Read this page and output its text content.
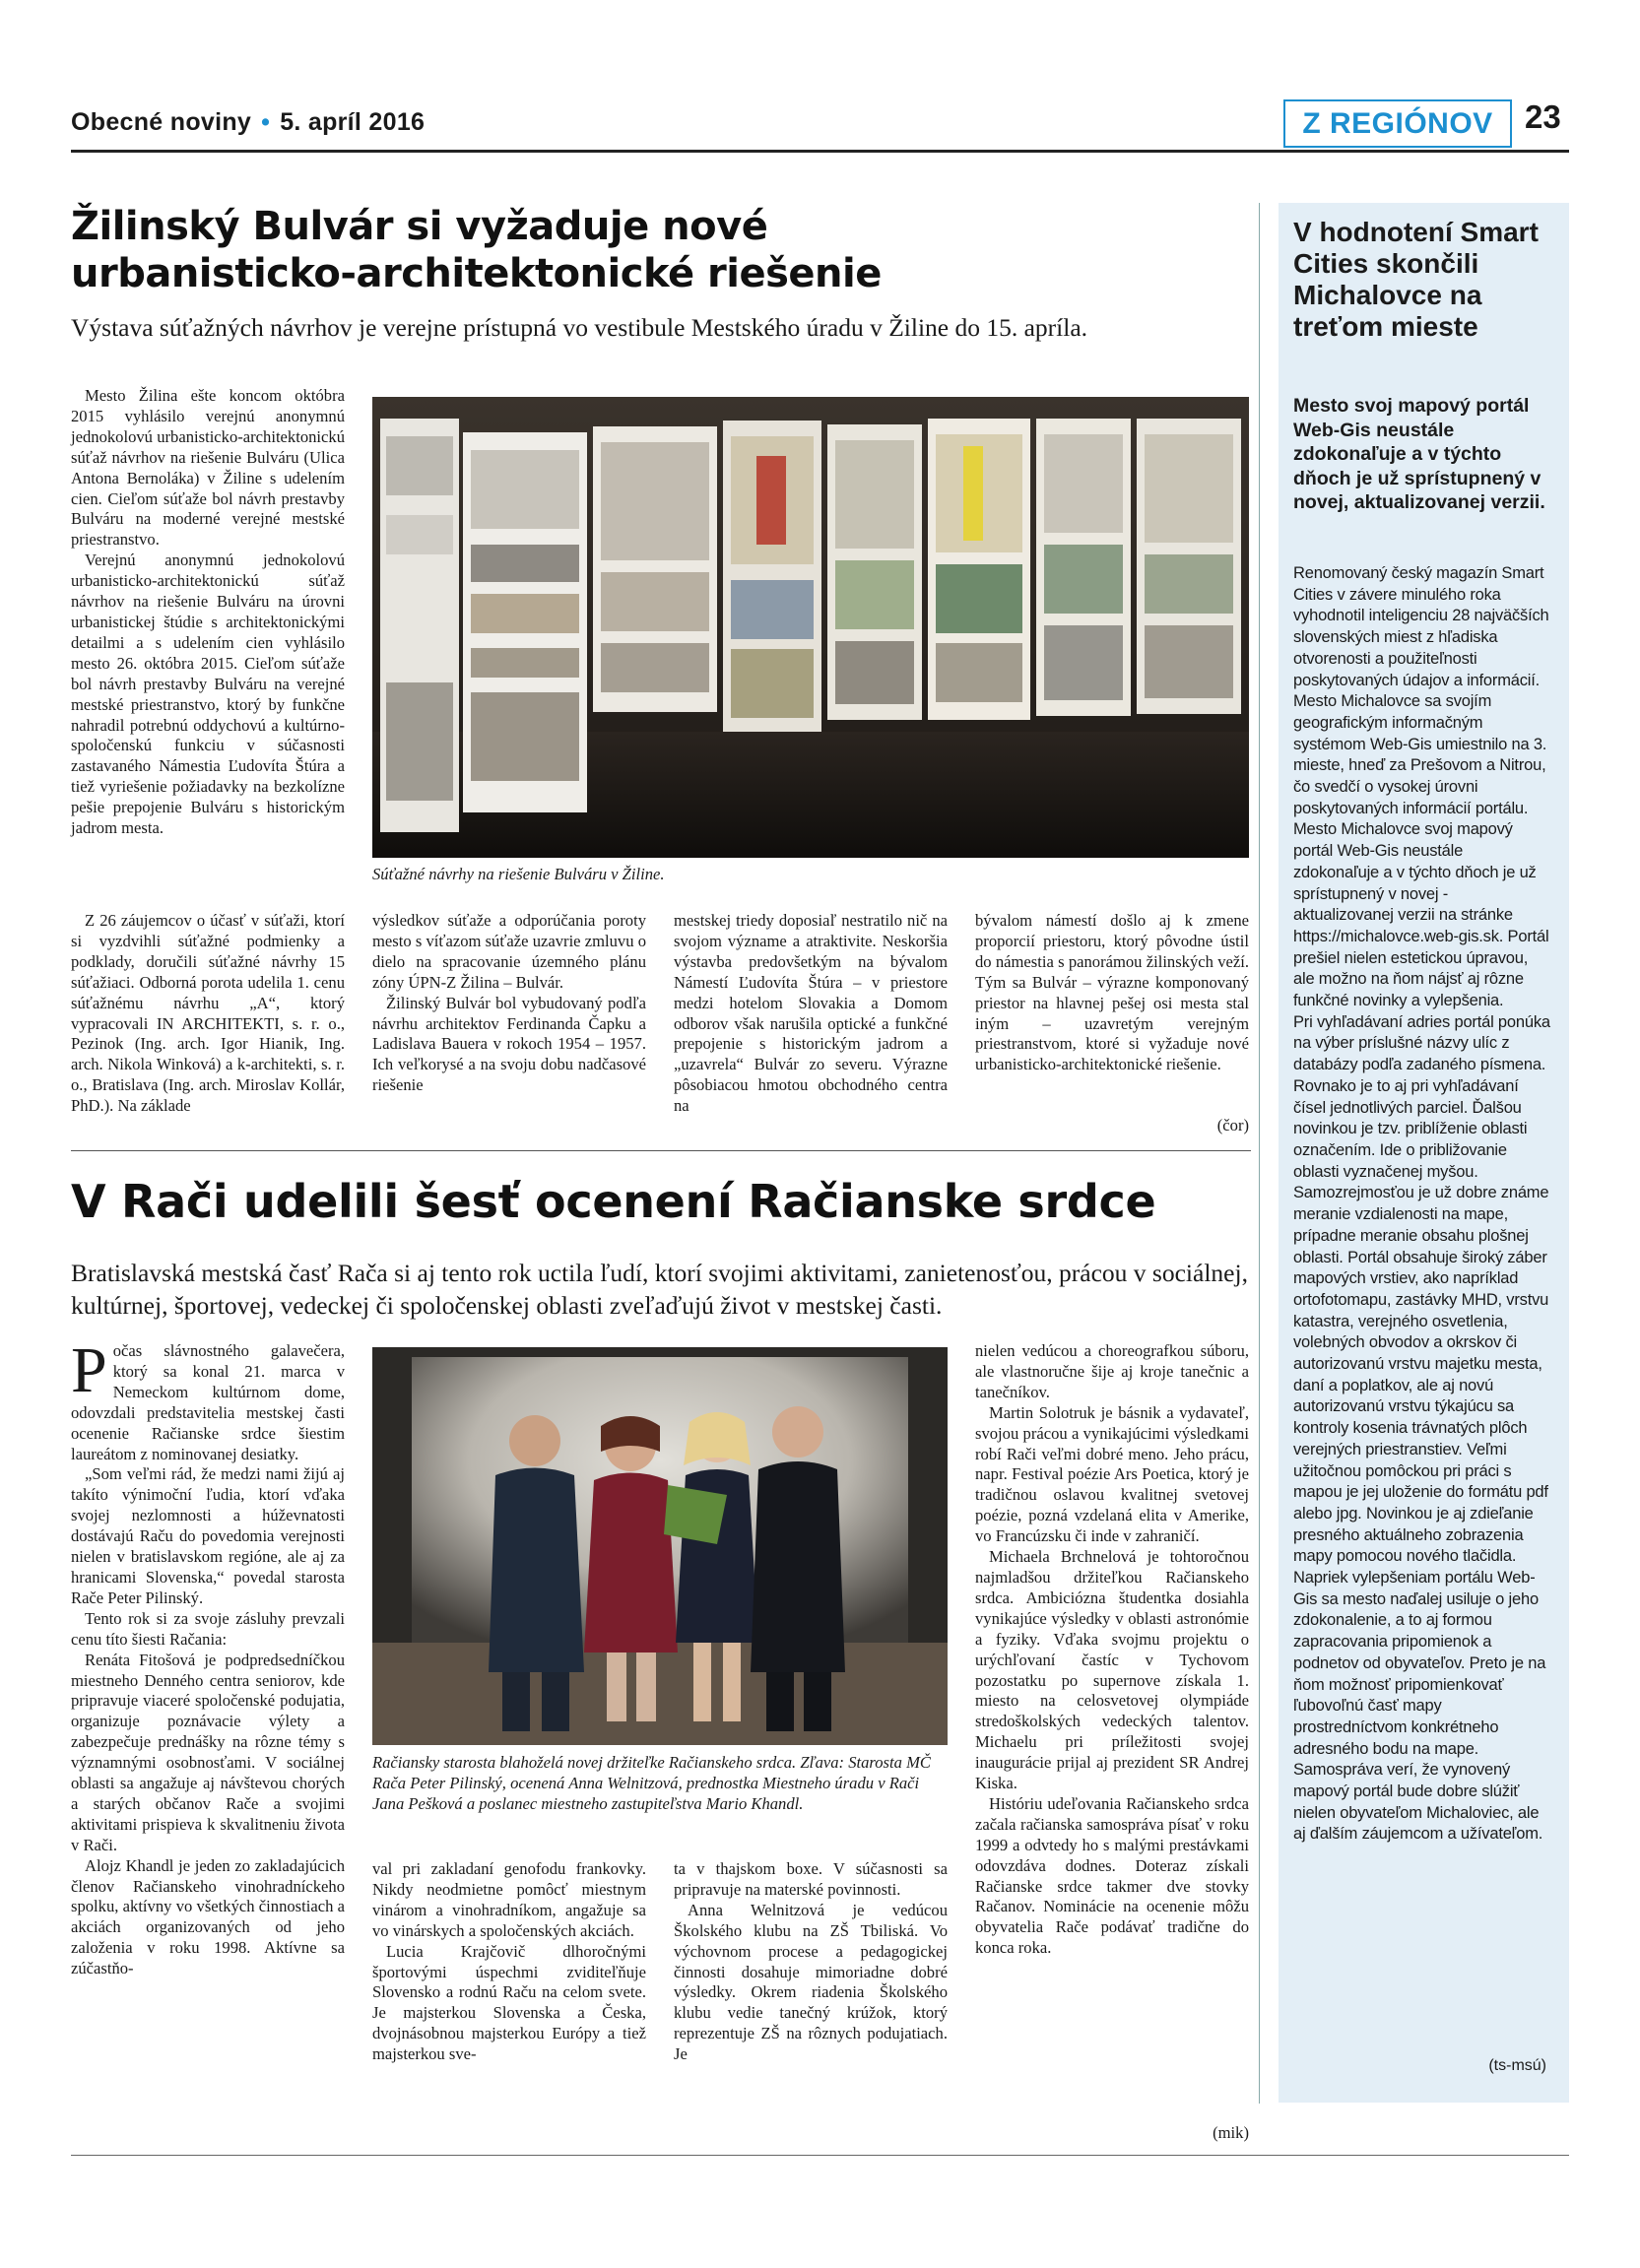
Obecné noviny • 5. apríl 2016	Z REGIÓNOV 23
Žilinský Bulvár si vyžaduje nové
urbanisticko-architektonické riešenie
Výstava súťažných návrhov je verejne prístupná vo vestibule Mestského úradu v Žiline do 15. apríla.

Mesto Žilina ešte koncom októbra 2015 vyhlásilo verejnú anonymnú jednokolovú urbanisticko-architektonickú súťaž návrhov na riešenie Bulváru (Ulica Antona Bernoláka) v Žiline s udelením cien. Cieľom súťaže bol návrh prestavby Bulváru na moderné verejné mestské priestranstvo.

Verejnú anonymnú jednokolovú urbanisticko-architektonickú súťaž návrhov na riešenie Bulváru na úrovni urbanistickej štúdie s architektonickými detailmi a s udelením cien vyhlásilo mesto 26. októbra 2015. Cieľom súťaže bol návrh prestavby Bulváru na verejné mestské priestranstvo, ktorý by funkčne nahradil potrebnú oddychovú a kultúrno-spoločenskú funkciu v súčasnosti zastavaného Námestia Ľudovíta Štúra a tiež vyriešenie požiadavky na bezkolízne pešie prepojenie Bulváru s historickým jadrom mesta.

Z 26 záujemcov o účasť v súťaži, ktorí si vyzdvihli súťažné podmienky a podklady, doručili súťažné návrhy 15 súťažiaci. Odborná porota udelila 1. cenu súťažnému návrhu „A“, ktorý vypracovali IN ARCHITEKTI, s. r. o., Pezinok (Ing. arch. Igor Hianik, Ing. arch. Nikola Winková) a k-architekti, s. r. o., Bratislava (Ing. arch. Miroslav Kollár, PhD.). Na základe

výsledkov súťaže a odporúčania poroty mesto s víťazom súťaže uzavrie zmluvu o dielo na spracovanie územného plánu zóny ÚPN-Z Žilina – Bulvár.

Žilinský Bulvár bol vybudovaný podľa návrhu architektov Ferdinanda Čapku a Ladislava Bauera v rokoch 1954 – 1957. Ich veľkorysé a na svoju dobu nadčasové riešenie

mestskej triedy doposiaľ nestratilo nič na svojom význame a atraktivite. Neskoršia výstavba predovšetkým na bývalom Námestí Ľudovíta Štúra – v priestore medzi hotelom Slovakia a Domom odborov však narušila optické a funkčné prepojenie s historickým jadrom a „uzavrela“ Bulvár zo severu. Výrazne pôsobiacou hmotou obchodného centra na

bývalom námestí došlo aj k zmene proporcií priestoru, ktorý pôvodne ústil do námestia s panorámou žilinských veží. Tým sa Bulvár – výrazne komponovaný priestor na hlavnej pešej osi mesta stal iným – uzavretým verejným priestranstvom, ktoré si vyžaduje nové urbanisticko-architektonické riešenie.

(čor)
Súťažné návrhy na riešenie Bulváru v Žiline.
V Rači udelili šesť ocenení Račianske srdce
Bratislavská mestská časť Rača si aj tento rok uctila ľudí, ktorí svojimi aktivitami, zanietenosťou, prácou v sociálnej, kultúrnej, športovej, vedeckej či spoločenskej oblasti zveľaďujú život v mestskej časti.

Počas slávnostného galavečera, ktorý sa konal 21. marca v Nemeckom kultúrnom dome, odovzdali predstavitelia mestskej časti ocenenie Račianske srdce šiestim laureátom z nominovanej desiatky.

„Som veľmi rád, že medzi nami žijú aj takíto výnimoční ľudia, ktorí vďaka svojej nezlomnosti a húževnatosti dostávajú Raču do povedomia verejnosti nielen v bratislavskom regióne, ale aj za hranicami Slovenska,“ povedal starosta Rače Peter Pilinský.

Tento rok si za svoje zásluhy prevzali cenu títo šiesti Račania:

Renáta Fitošová je podpredsedníčkou miestneho Denného centra seniorov, kde pripravuje viaceré spoločenské podujatia, organizuje poznávacie výlety a zabezpečuje prednášky na rôzne témy s významnými osobnosťami. V sociálnej oblasti sa angažuje aj návštevou chorých a starých občanov Rače a svojimi aktivitami prispieva k skvalitneniu života v Rači.

Alojz Khandl je jeden zo zakladajúcich členov Račianskeho vinohradníckeho spolku, aktívny vo všetkých činnostiach a akciách organizovaných od jeho založenia v roku 1998. Aktívne sa zúčastňo-

Račiansky starosta blahoželá novej držiteľke Račianskeho srdca. Zľava: Starosta MČ Rača Peter Pilinský, ocenená Anna Welnitzová, prednostka Miestneho úradu v Rači Jana Pešková a poslanec miestneho zastupiteľstva Mario Khandl.

val pri zakladaní genofodu frankovky. Nikdy neodmietne pomôcť miestnym vinárom a vinohradníkom, angažuje sa vo vinárskych a spoločenských akciách.

Lucia Krajčovič dlhoročnými športovými úspechmi zviditeľňuje Slovensko a rodnú Raču na celom svete. Je majsterkou Slovenska a Česka, dvojnásobnou majsterkou Európy a tiež majsterkou sve-

ta v thajskom boxe. V súčasnosti sa pripravuje na materské povinnosti.

Anna Welnitzová je vedúcou Školského klubu na ZŠ Tbiliská. Vo výchovnom procese a pedagogickej činnosti dosahuje mimoriadne dobré výsledky. Okrem riadenia Školského klubu vedie tanečný krúžok, ktorý reprezentuje ZŠ na rôznych podujatiach. Je

nielen vedúcou a choreografkou súboru, ale vlastnoručne šije aj kroje tanečnic a tanečníkov.

Martin Solotruk je básnik a vydavateľ, svojou prácou a vynikajúcimi výsledkami robí Rači veľmi dobré meno. Jeho prácu, napr. Festival poézie Ars Poetica, ktorý je tradičnou oslavou kvalitnej svetovej poézie, pozná vzdelaná elita v Amerike, vo Francúzsku či inde v zahraničí.

Michaela Brchnelová je tohtoročnou najmladšou držiteľkou Račianskeho srdca. Ambiciózna študentka dosiahla vynikajúce výsledky v oblasti astronómie a fyziky. Vďaka svojmu projektu o urýchľovaní častíc v Tychovom pozostatku po supernove získala 1. miesto na celosvetovej olympiáde stredoškolských vedeckých talentov. Michaelu pri príležitosti svojej inaugurácie prijal aj prezident SR Andrej Kiska.

Históriu udeľovania Račianskeho srdca začala račianska samospráva písať v roku 1999 a odvtedy ho s malými prestávkami odovzdáva dodnes. Doteraz získali Račianske srdce takmer dve stovky Račanov. Nominácie na ocenenie môžu obyvatelia Rače podávať tradične do konca roka.

(mik)
V hodnotení Smart Cities skončili Michalovce na treťom mieste
Mesto svoj mapový portál Web-Gis neustále zdokonaľuje a v týchto dňoch je už sprístupnený v novej, aktualizovanej verzii.

Renomovaný český magazín Smart Cities v závere minulého roka vyhodnotil inteligenciu 28 najväčších slovenských miest z hľadiska otvorenosti a použiteľnosti poskytovaných údajov a informácií. Mesto Michalovce sa svojím geografickým informačným systémom Web-Gis umiestnilo na 3. mieste, hneď za Prešovom a Nitrou, čo svedčí o vysokej úrovni poskytovaných informácií portálu.

Mesto Michalovce svoj mapový portál Web-Gis neustále zdokonaľuje a v týchto dňoch je už sprístupnený v novej - aktualizovanej verzii na stránke https://michalovce.web-gis.sk. Portál prešiel nielen estetickou úpravou, ale možno na ňom nájsť aj rôzne funkčné novinky a vylepšenia.

Pri vyhľadávaní adries portál ponúka na výber príslušné názvy ulíc z databázy podľa zadaného písmena. Rovnako je to aj pri vyhľadávaní čísel jednotlivých parciel. Ďalšou novinkou je tzv. priblíženie oblasti označením. Ide o približovanie oblasti vyznačenej myšou. Samozrejmosťou je už dobre známe meranie vzdialenosti na mape, prípadne meranie obsahu plošnej oblasti. Portál obsahuje široký záber mapových vrstiev, ako napríklad ortofotomapu, zastávky MHD, vrstvu katastra, verejného osvetlenia, volebných obvodov a okrskov či autorizovanú vrstvu majetku mesta, daní a poplatkov, ale aj novú autorizovanú vrstvu týkajúcu sa kontroly kosenia trávnatých plôch verejných priestranstiev. Veľmi užitočnou pomôckou pri práci s mapou je jej uloženie do formátu pdf alebo jpg. Novinkou je aj zdieľanie presného aktuálneho zobrazenia mapy pomocou nového tlačidla.

Napriek vylepšeniam portálu Web-Gis sa mesto naďalej usiluje o jeho zdokonalenie, a to aj formou zapracovania pripomienok a podnetov od obyvateľov. Preto je na ňom možnosť pripomienkovať ľubovoľnú časť mapy prostredníctvom konkrétneho adresného bodu na mape. Samospráva verí, že vynovený mapový portál bude dobre slúžiť nielen obyvateľom Michaloviec, ale aj ďalším záujemcom a užívateľom.

(ts-msú)
